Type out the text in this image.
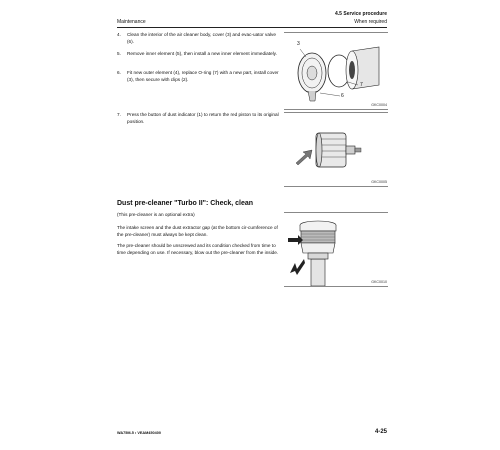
Maintenance
4.5 Service procedure
When required
4. Clean the interior of the air cleaner body, cover (3) and evac-uator valve (6).
5. Remove inner element (5), then install a new inner element immediately.
6. Fit new outer element (4), replace O-ring (7) with a new part, install cover (3), then secure with clips (2).
3
7
6
GKC0004
7. Press the button of dust indicator (1) to return the red piston to its original position.
GKC0005
Dust pre-cleaner "Turbo II": Check, clean
(This pre-cleaner is an optional extra)
The intake screen and the dust extractor gap (at the bottom cir-cumference of the pre-cleaner) must always be kept clean.
The pre-cleaner should be unscrewed and its condition checked from time to time depending on use. If necessary, blow out the pre-cleaner from the inside.
GKC0010
WA75M-5 • VEAM450400	4-25
